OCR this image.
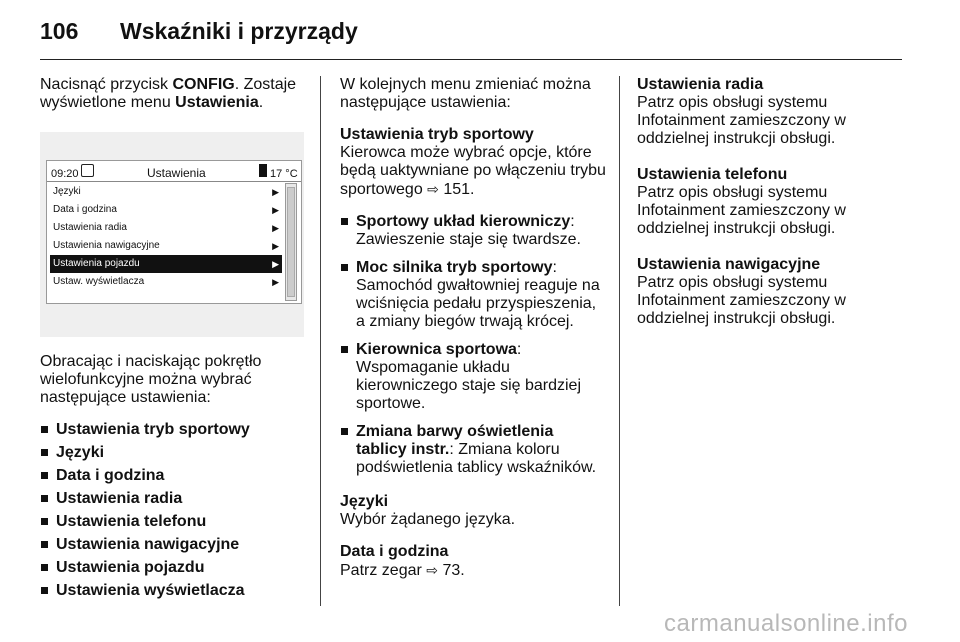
106	Wskaźniki i przyrządy

Nacisnąć przycisk CONFIG. Zostaje wyświetlone menu Ustawienia.

09:20	Ustawienia	17 °C
Języki	▶
Data i godzina	▶
Ustawienia radia	▶
Ustawienia nawigacyjne	▶
Ustawienia pojazdu	▶
Ustaw. wyświetlacza	▶

Obracając i naciskając pokrętło wielofunkcyjne można wybrać następujące ustawienia:

Ustawienia tryb sportowy
Języki
Data i godzina
Ustawienia radia
Ustawienia telefonu
Ustawienia nawigacyjne
Ustawienia pojazdu
Ustawienia wyświetlacza

W kolejnych menu zmieniać można następujące ustawienia:

Ustawienia tryb sportowy
Kierowca może wybrać opcje, które będą uaktywniane po włączeniu trybu sportowego ⇨ 151.

Sportowy układ kierowniczy: Zawieszenie staje się twardsze.
Moc silnika tryb sportowy: Samochód gwałtowniej reaguje na wciśnięcia pedału przyspieszenia, a zmiany biegów trwają krócej.
Kierownica sportowa: Wspomaganie układu kierowniczego staje się bardziej sportowe.
Zmiana barwy oświetlenia tablicy instr.: Zmiana koloru podświetlenia tablicy wskaźników.

Języki
Wybór żądanego języka.

Data i godzina
Patrz zegar ⇨ 73.

Ustawienia radia
Patrz opis obsługi systemu Infotainment zamieszczony w oddzielnej instrukcji obsługi.

Ustawienia telefonu
Patrz opis obsługi systemu Infotainment zamieszczony w oddzielnej instrukcji obsługi.

Ustawienia nawigacyjne
Patrz opis obsługi systemu Infotainment zamieszczony w oddzielnej instrukcji obsługi.

carmanualsonline.info
